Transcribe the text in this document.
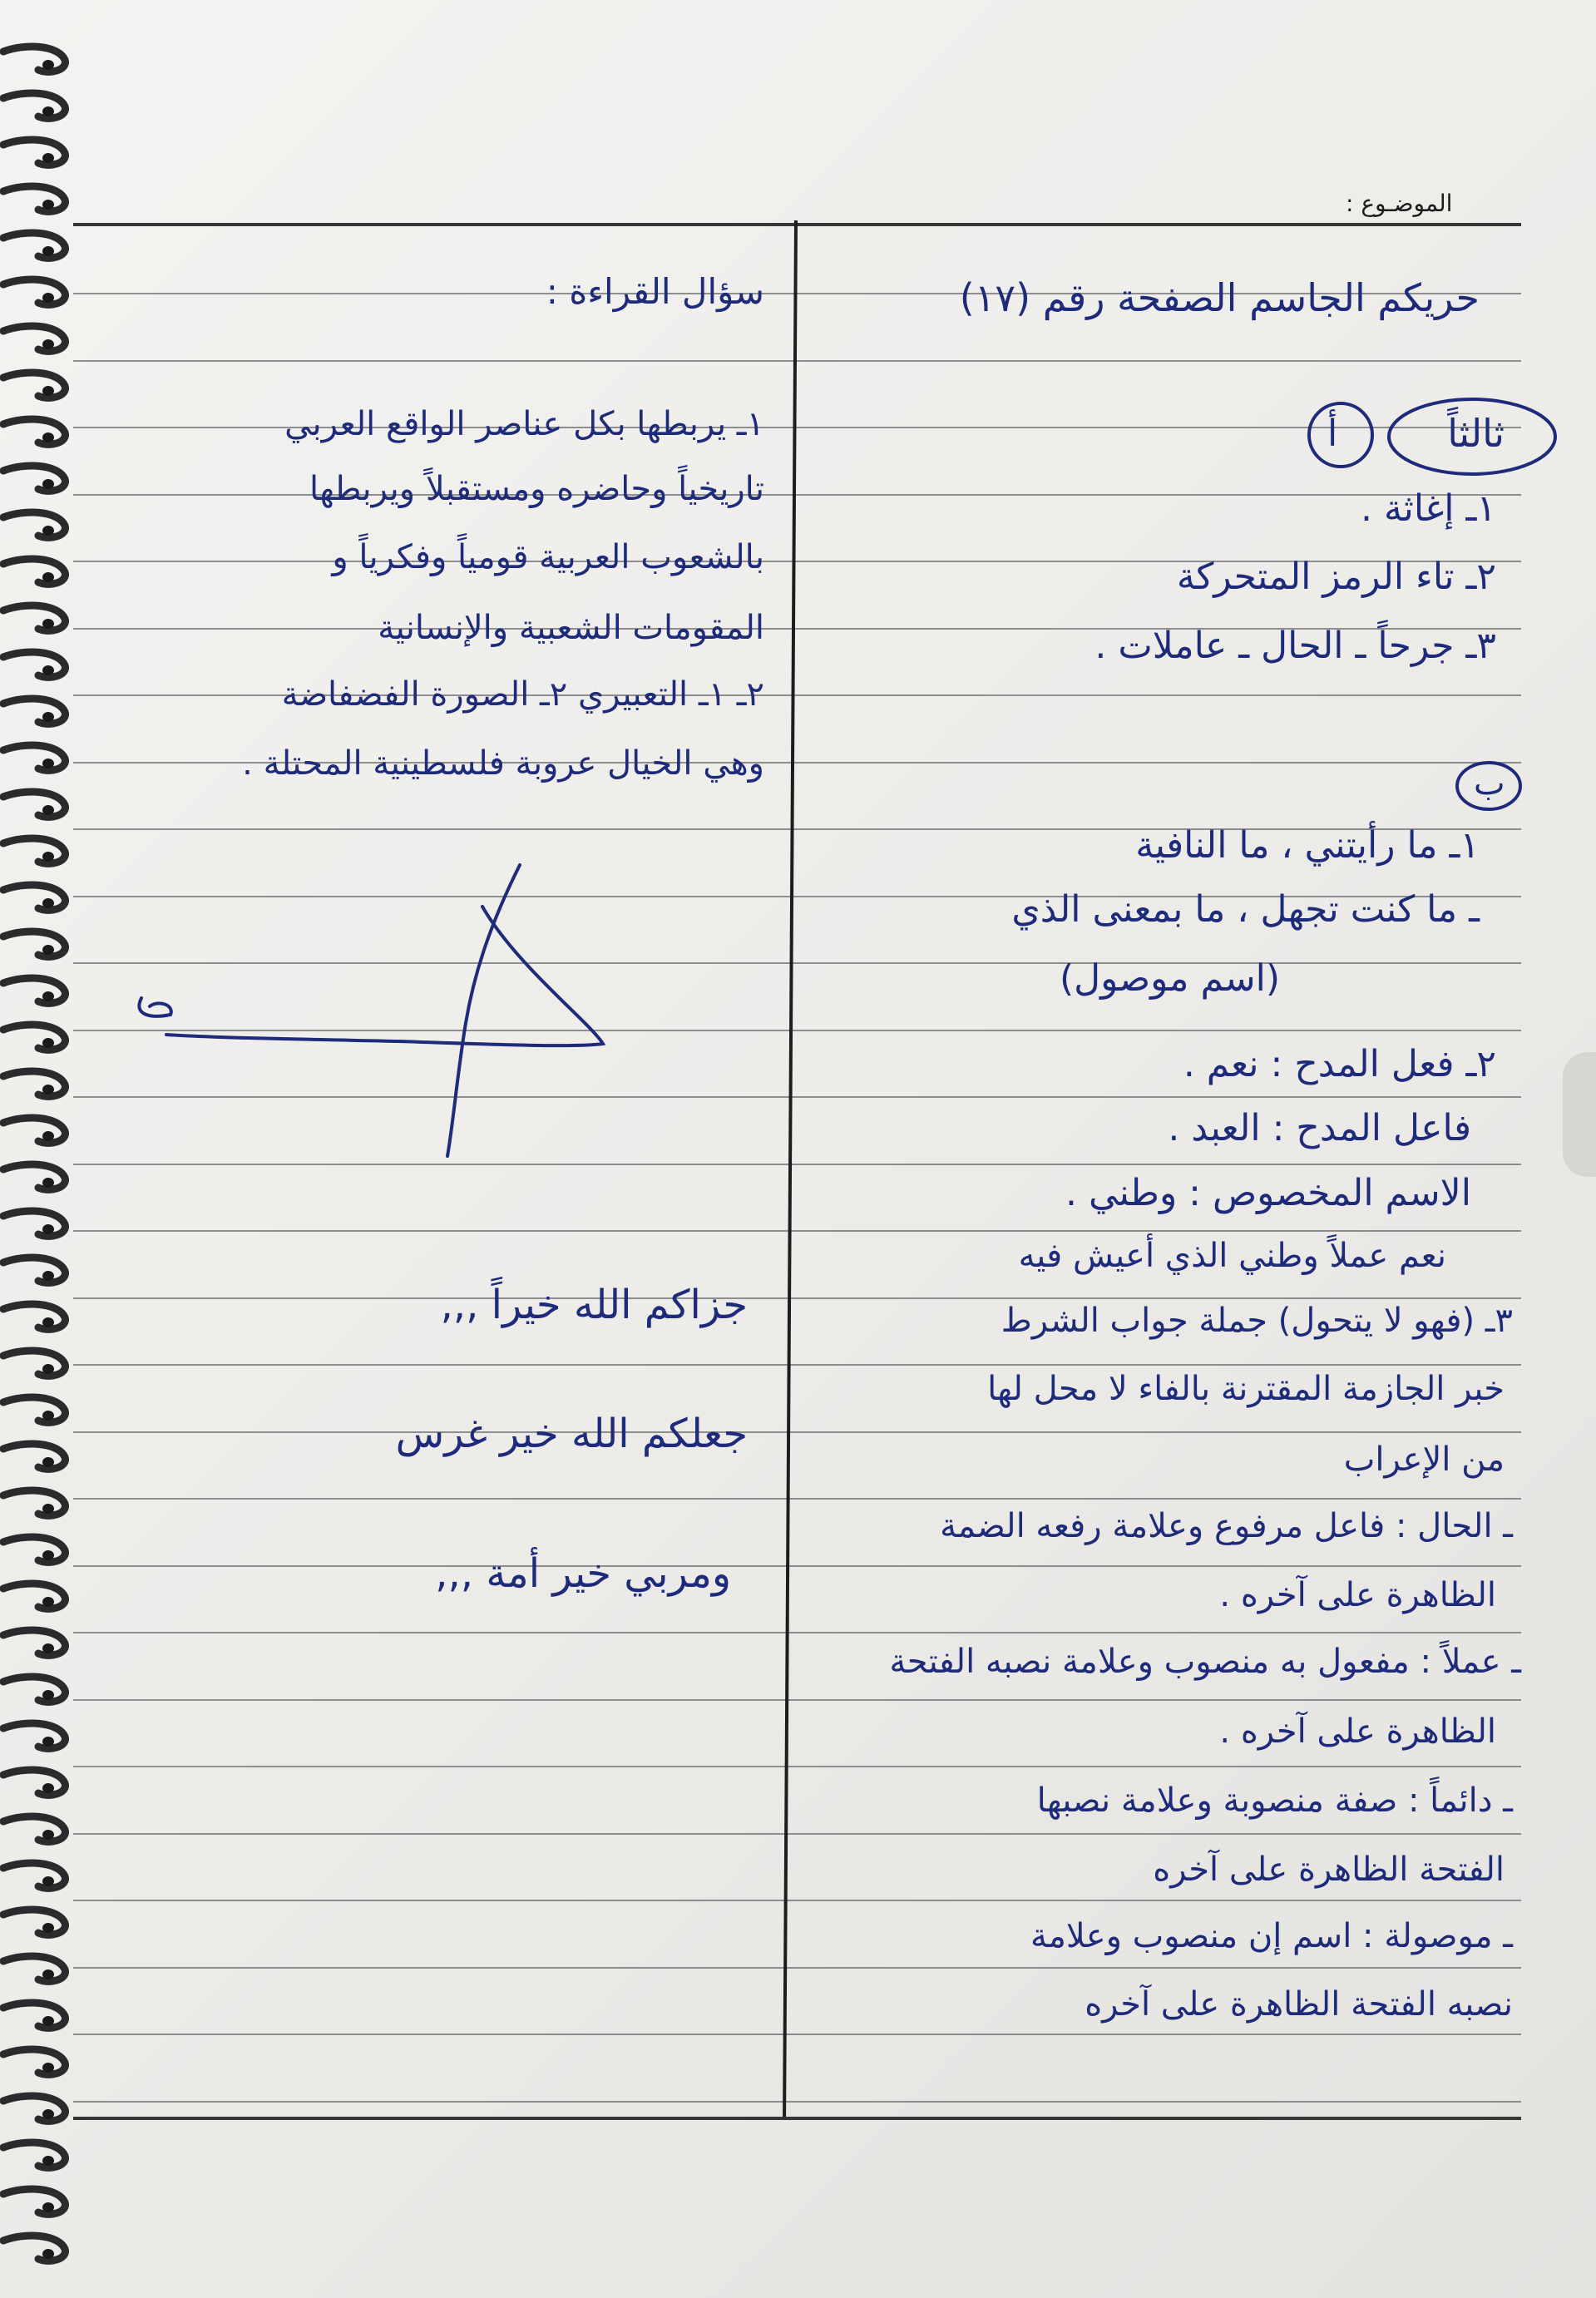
الموضـوع :
حريكم الجاسم الصفحة رقم (١٧)
ثالثاً
أ
١ـ إغاثة .
٢ـ تاء الرمز المتحركة
٣ـ جرحاً ـ الحال ـ عاملات .
ب
١ـ ما رأيتني ، ما النافية
ـ ما كنت تجهل ، ما بمعنى الذي
(اسم موصول)
٢ـ فعل المدح : نعم .
فاعل المدح : العبد .
الاسم المخصوص : وطني .
نعم عملاً وطني الذي أعيش فيه
٣ـ (فهو لا يتحول) جملة جواب الشرط
خبر الجازمة المقترنة بالفاء لا محل لها
من الإعراب
ـ الحال : فاعل مرفوع وعلامة رفعه الضمة
الظاهرة على آخره .
ـ عملاً : مفعول به منصوب وعلامة نصبه الفتحة
الظاهرة على آخره .
ـ دائماً : صفة منصوبة وعلامة نصبها
الفتحة الظاهرة على آخره
ـ موصولة : اسم إن منصوب وعلامة
نصبه الفتحة الظاهرة على آخره
سؤال القراءة :
١ـ يربطها بكل عناصر الواقع العربي
تاريخياً وحاضره ومستقبلاً ويربطها
بالشعوب العربية قومياً وفكرياً و
المقومات الشعبية والإنسانية
٢ـ ١ـ التعبيري ٢ـ الصورة الفضفاضة
وهي الخيال عروبة فلسطينية المحتلة .
جزاكم الله خيراً ,,,
جعلكم الله خير غرس
ومربي خير أمة ,,,
